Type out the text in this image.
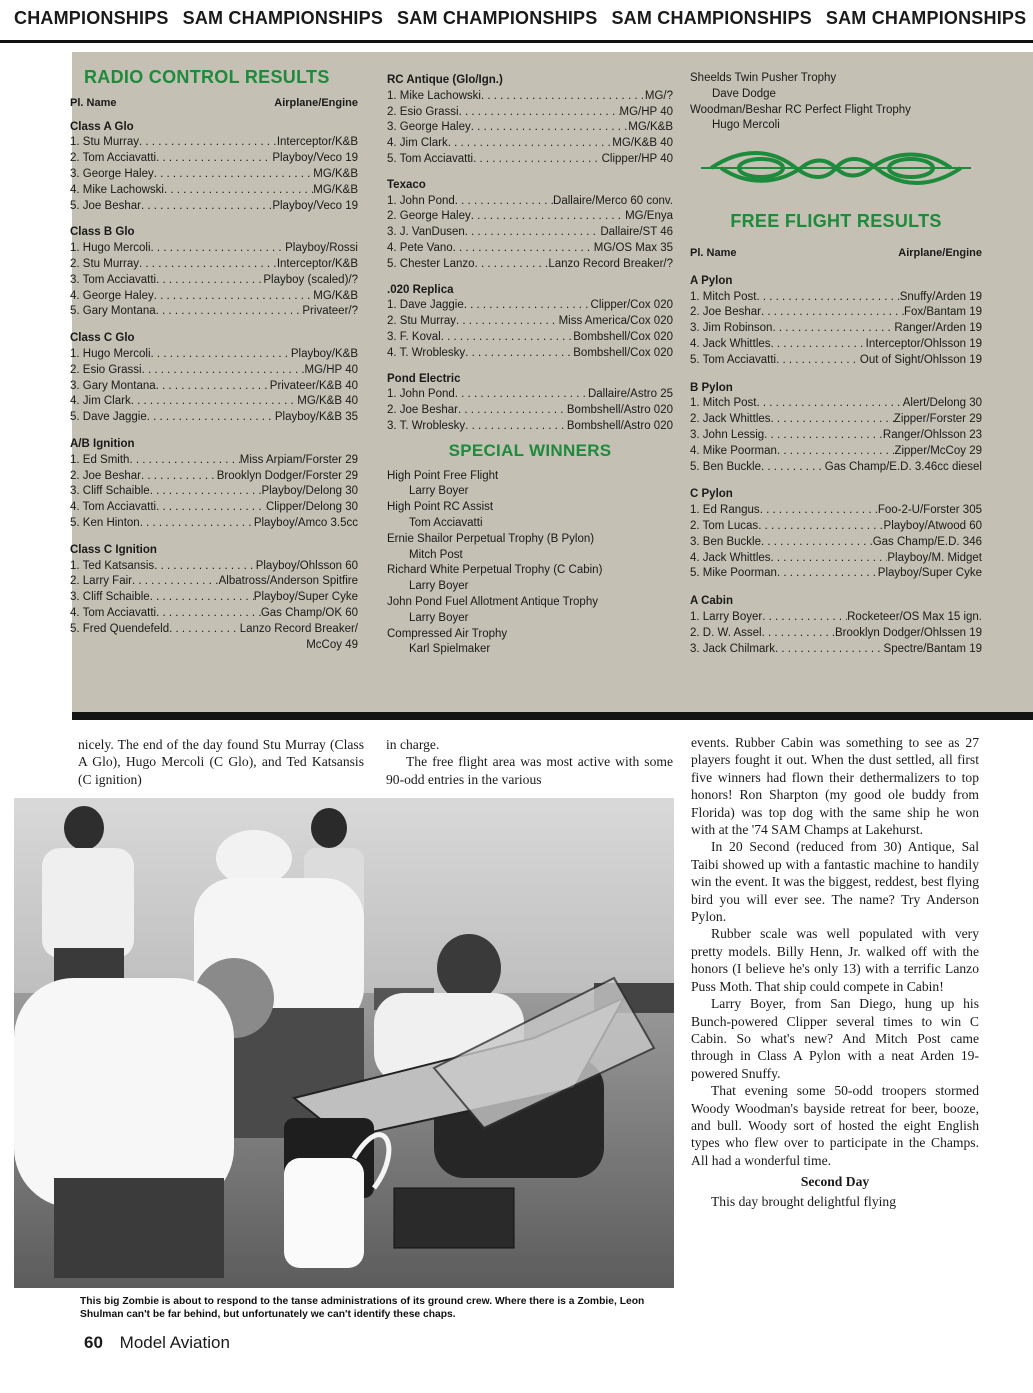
CHAMPIONSHIPS SAM CHAMPIONSHIPS SAM CHAMPIONSHIPS SAM CHAMPIONSHIPS SAM CHAMPIONSHIPS
RADIO CONTROL RESULTS
Pl. Name	Airplane/Engine
Class A Glo
1. Stu Murray . . .	Interceptor/K&B
2. Tom Acciavatti . . .	Playboy/Veco 19
3. George Haley . . .	MG/K&B
4. Mike Lachowski . . .	MG/K&B
5. Joe Beshar . . .	Playboy/Veco 19
Class B Glo
1. Hugo Mercoli . . .	Playboy/Rossi
2. Stu Murray . . .	Interceptor/K&B
3. Tom Acciavatti . . .	Playboy (scaled)/?
4. George Haley . . .	MG/K&B
5. Gary Montana . . .	Privateer/?
Class C Glo
1. Hugo Mercoli . . .	Playboy/K&B
2. Esio Grassi . . .	MG/HP 40
3. Gary Montana . . .	Privateer/K&B 40
4. Jim Clark . . .	MG/K&B 40
5. Dave Jaggie . . .	Playboy/K&B 35
A/B Ignition
1. Ed Smith . . .	Miss Arpiam/Forster 29
2. Joe Beshar . . .	Brooklyn Dodger/Forster 29
3. Cliff Schaible . . .	Playboy/Delong 30
4. Tom Acciavatti . . .	Clipper/Delong 30
5. Ken Hinton . . .	Playboy/Amco 3.5cc
Class C Ignition
1. Ted Katsansis . . .	Playboy/Ohlsson 60
2. Larry Fair . . .	Albatross/Anderson Spitfire
3. Cliff Schaible . . .	Playboy/Super Cyke
4. Tom Acciavatti . . .	Gas Champ/OK 60
5. Fred Quendefeld . . .	Lanzo Record Breaker/
McCoy 49
RC Antique (Glo/Ign.)
1. Mike Lachowski . . .	MG/?
2. Esio Grassi . . .	MG/HP 40
3. George Haley . . .	MG/K&B
4. Jim Clark . . .	MG/K&B 40
5. Tom Acciavatti . . .	Clipper/HP 40
Texaco
1. John Pond . . .	Dallaire/Merco 60 conv.
2. George Haley . . .	MG/Enya
3. J. VanDusen . . .	Dallaire/ST 46
4. Pete Vano . . .	MG/OS Max 35
5. Chester Lanzo . . .	Lanzo Record Breaker/?
.020 Replica
1. Dave Jaggie . . .	Clipper/Cox 020
2. Stu Murray . . .	Miss America/Cox 020
3. F. Koval . . .	Bombshell/Cox 020
4. T. Wroblesky . . .	Bombshell/Cox 020
Pond Electric
1. John Pond . . .	Dallaire/Astro 25
2. Joe Beshar . . .	Bombshell/Astro 020
3. T. Wroblesky . . .	Bombshell/Astro 020
SPECIAL WINNERS
High Point Free Flight
Larry Boyer
High Point RC Assist
Tom Acciavatti
Ernie Shailor Perpetual Trophy (B Pylon)
Mitch Post
Richard White Perpetual Trophy (C Cabin)
Larry Boyer
John Pond Fuel Allotment Antique Trophy
Larry Boyer
Compressed Air Trophy
Karl Spielmaker
Sheelds Twin Pusher Trophy
Dave Dodge
Woodman/Beshar RC Perfect Flight Trophy
Hugo Mercoli
FREE FLIGHT RESULTS
Pl. Name	Airplane/Engine
A Pylon
1. Mitch Post . . .	Snuffy/Arden 19
2. Joe Beshar . . .	Fox/Bantam 19
3. Jim Robinson . . .	Ranger/Arden 19
4. Jack Whittles . . .	Interceptor/Ohlsson 19
5. Tom Acciavatti . . .	Out of Sight/Ohlsson 19
B Pylon
1. Mitch Post . . .	Alert/Delong 30
2. Jack Whittles . . .	Zipper/Forster 29
3. John Lessig . . .	Ranger/Ohlsson 23
4. Mike Poorman . . .	Zipper/McCoy 29
5. Ben Buckle . . .	Gas Champ/E.D. 3.46cc diesel
C Pylon
1. Ed Rangus . . .	Foo-2-U/Forster 305
2. Tom Lucas . . .	Playboy/Atwood 60
3. Ben Buckle . . .	Gas Champ/E.D. 346
4. Jack Whittles . . .	Playboy/M. Midget
5. Mike Poorman . . .	Playboy/Super Cyke
A Cabin
1. Larry Boyer . . .	Rocketeer/OS Max 15 ign.
2. D. W. Assel . . .	Brooklyn Dodger/Ohlssen 19
3. Jack Chilmark . . .	Spectre/Bantam 19

nicely. The end of the day found Stu Murray (Class A Glo), Hugo Mercoli (C Glo), and Ted Katsansis (C ignition)

in charge.

The free flight area was most active with some 90-odd entries in the various

events. Rubber Cabin was something to see as 27 players fought it out. When the dust settled, all first five winners had flown their dethermalizers to top honors! Ron Sharpton (my good ole buddy from Florida) was top dog with the same ship he won with at the '74 SAM Champs at Lakehurst.

In 20 Second (reduced from 30) Antique, Sal Taibi showed up with a fantastic machine to handily win the event. It was the biggest, reddest, best flying bird you will ever see. The name? Try Anderson Pylon.

Rubber scale was well populated with very pretty models. Billy Henn, Jr. walked off with the honors (I believe he's only 13) with a terrific Lanzo Puss Moth. That ship could compete in Cabin!

Larry Boyer, from San Diego, hung up his Bunch-powered Clipper several times to win C Cabin. So what's new? And Mitch Post came through in Class A Pylon with a neat Arden 19-powered Snuffy.

That evening some 50-odd troopers stormed Woody Woodman's bayside retreat for beer, booze, and bull. Woody sort of hosted the eight English types who flew over to participate in the Champs. All had a wonderful time.

Second Day

This day brought delightful flying

This big Zombie is about to respond to the tanse administrations of its ground crew. Where there is a Zombie, Leon Shulman can't be far behind, but unfortunately we can't identify these chaps.
60 Model Aviation
